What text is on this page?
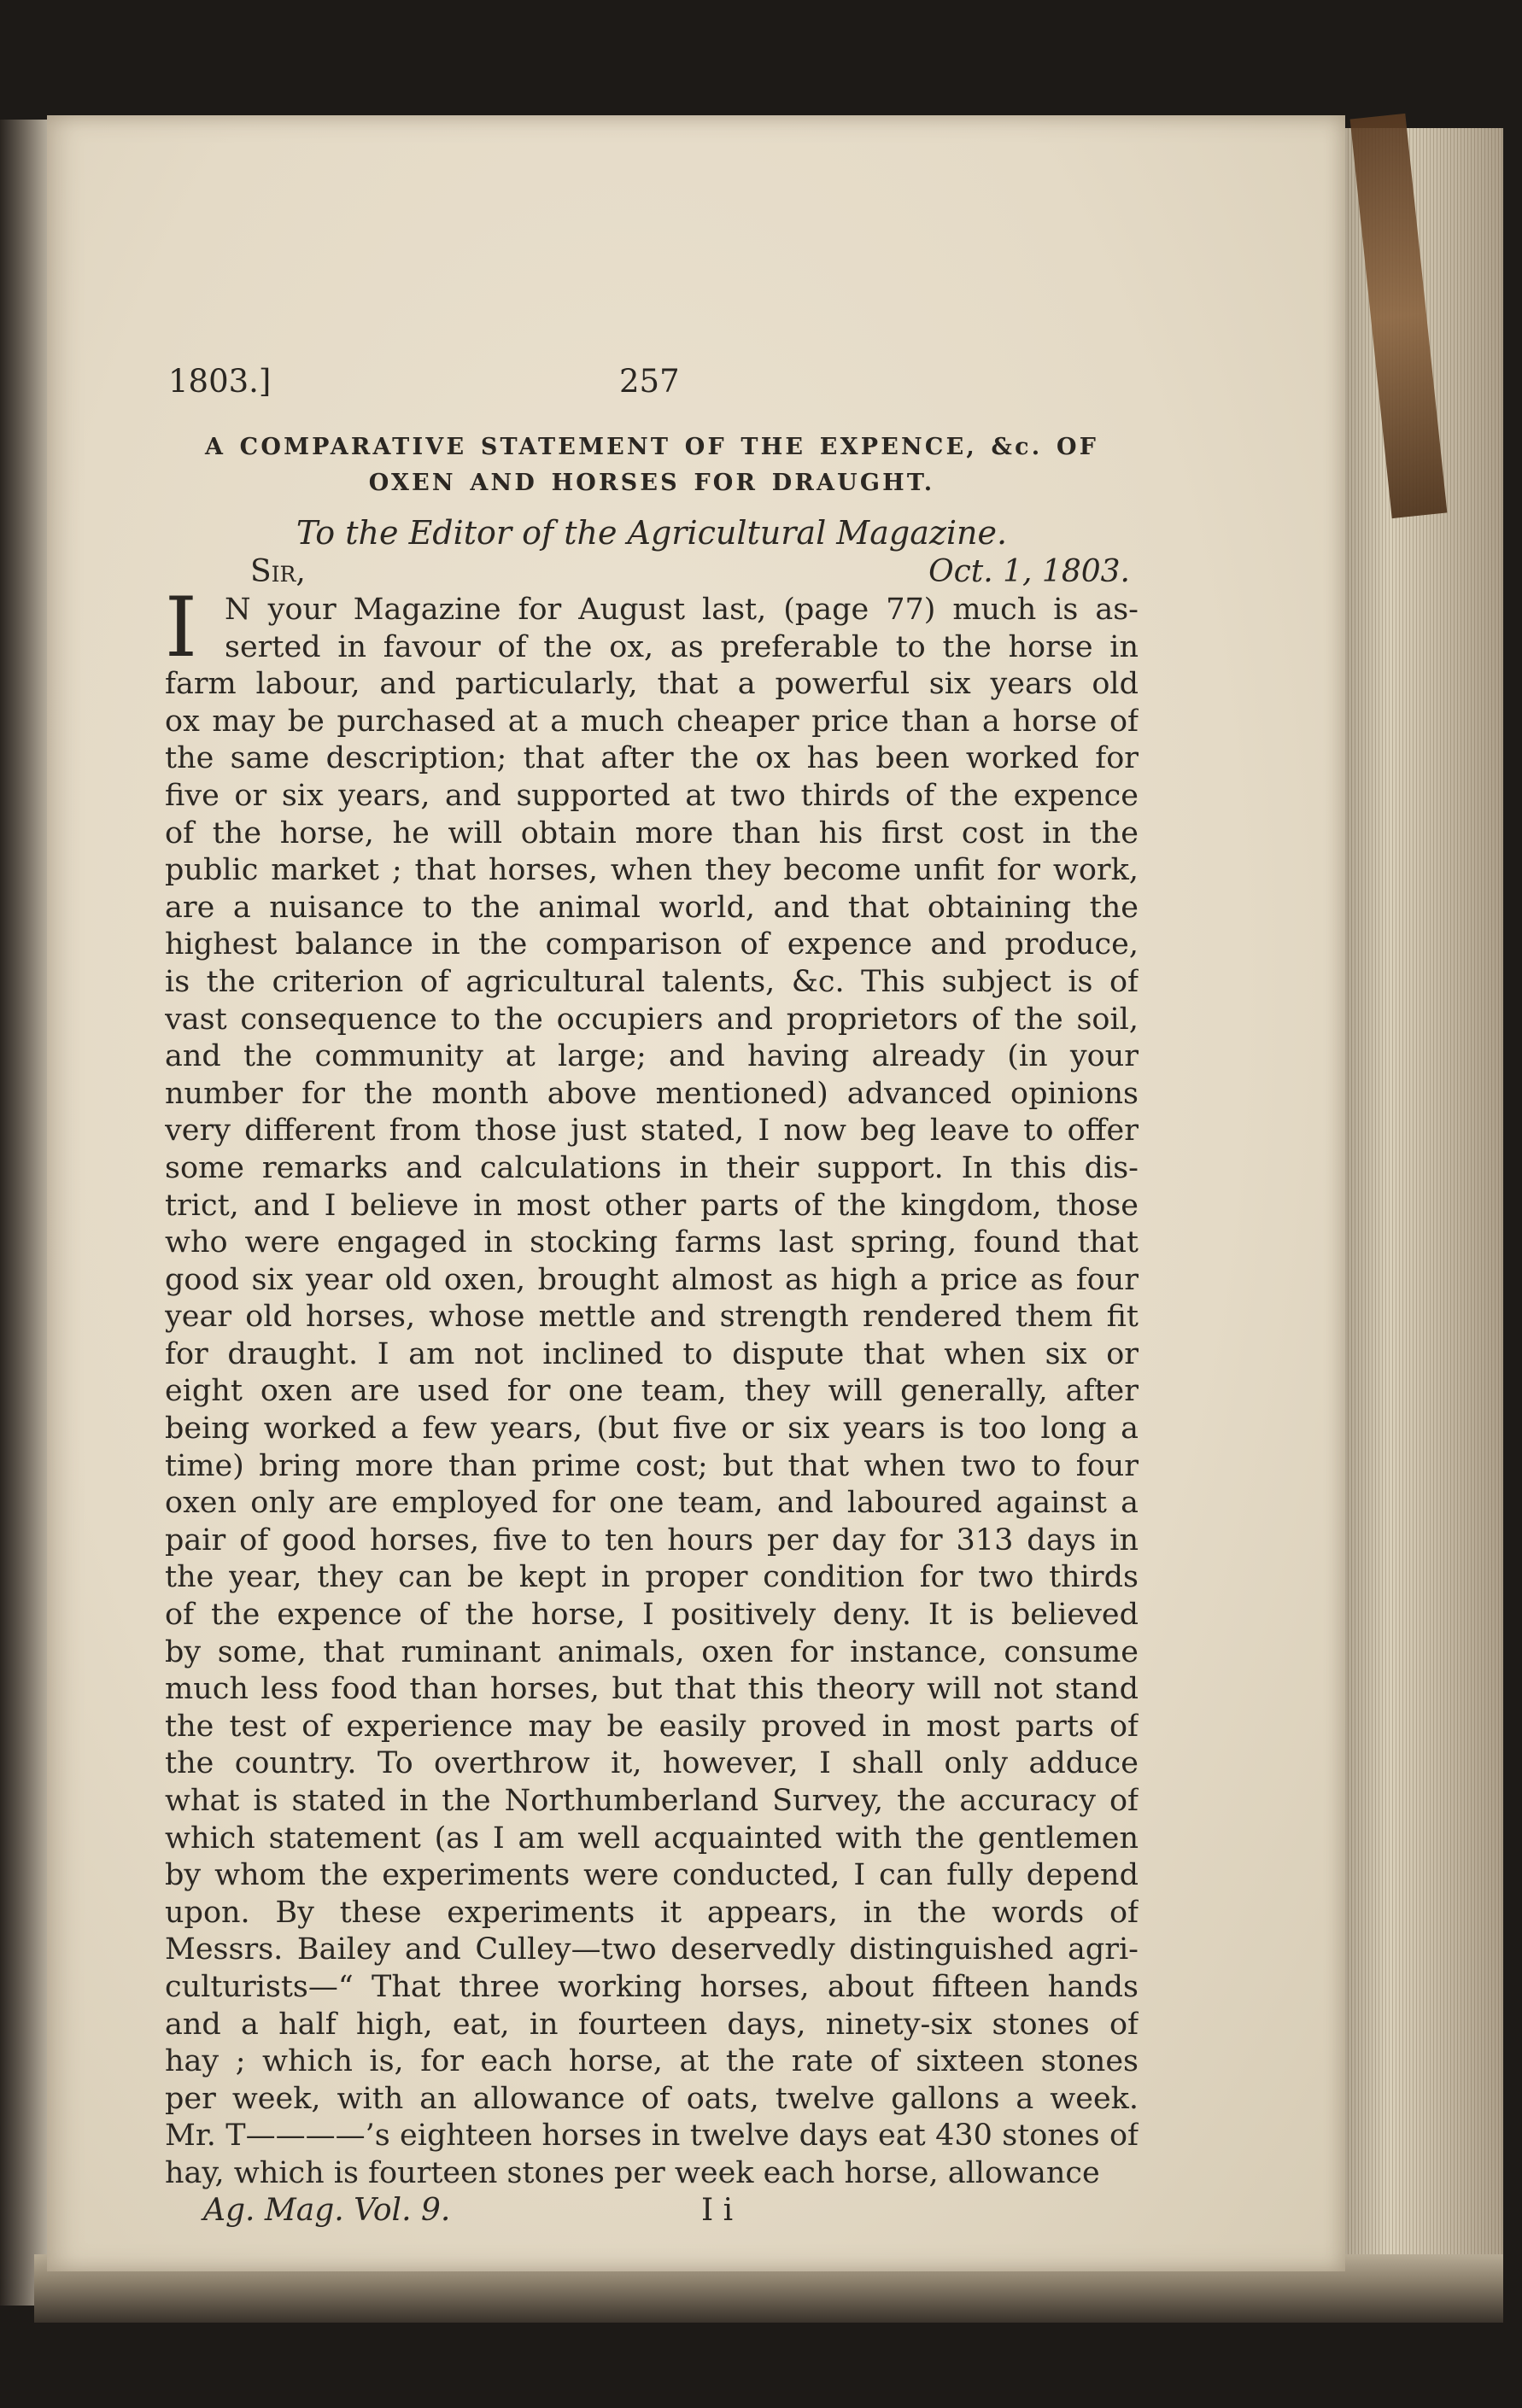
1803.]	257
A COMPARATIVE STATEMENT OF THE EXPENCE, &c. OF
OXEN AND HORSES FOR DRAUGHT.
To the Editor of the Agricultural Magazine.
Sir,	Oct. 1, 1803.
I N your Magazine for August last, (page 77) much is as-
serted in favour of the ox, as preferable to the horse in
farm labour, and particularly, that a powerful six years old
ox may be purchased at a much cheaper price than a horse of
the same description; that after the ox has been worked for
five or six years, and supported at two thirds of the expence
of the horse, he will obtain more than his first cost in the
public market ; that horses, when they become unfit for work,
are a nuisance to the animal world, and that obtaining the
highest balance in the comparison of expence and produce,
is the criterion of agricultural talents, &c. This subject is of
vast consequence to the occupiers and proprietors of the soil,
and the community at large; and having already (in your
number for the month above mentioned) advanced opinions
very different from those just stated, I now beg leave to offer
some remarks and calculations in their support. In this dis-
trict, and I believe in most other parts of the kingdom, those
who were engaged in stocking farms last spring, found that
good six year old oxen, brought almost as high a price as four
year old horses, whose mettle and strength rendered them fit
for draught. I am not inclined to dispute that when six or
eight oxen are used for one team, they will generally, after
being worked a few years, (but five or six years is too long a
time) bring more than prime cost; but that when two to four
oxen only are employed for one team, and laboured against a
pair of good horses, five to ten hours per day for 313 days in
the year, they can be kept in proper condition for two thirds
of the expence of the horse, I positively deny. It is believed
by some, that ruminant animals, oxen for instance, consume
much less food than horses, but that this theory will not stand
the test of experience may be easily proved in most parts of
the country. To overthrow it, however, I shall only adduce
what is stated in the Northumberland Survey, the accuracy of
which statement (as I am well acquainted with the gentlemen
by whom the experiments were conducted, I can fully depend
upon. By these experiments it appears, in the words of
Messrs. Bailey and Culley—two deservedly distinguished agri-
culturists—“ That three working horses, about fifteen hands
and a half high, eat, in fourteen days, ninety-six stones of
hay ; which is, for each horse, at the rate of sixteen stones
per week, with an allowance of oats, twelve gallons a week.
Mr. T————’s eighteen horses in twelve days eat 430 stones of
hay, which is fourteen stones per week each horse, allowance
Ag. Mag. Vol. 9.	I i
